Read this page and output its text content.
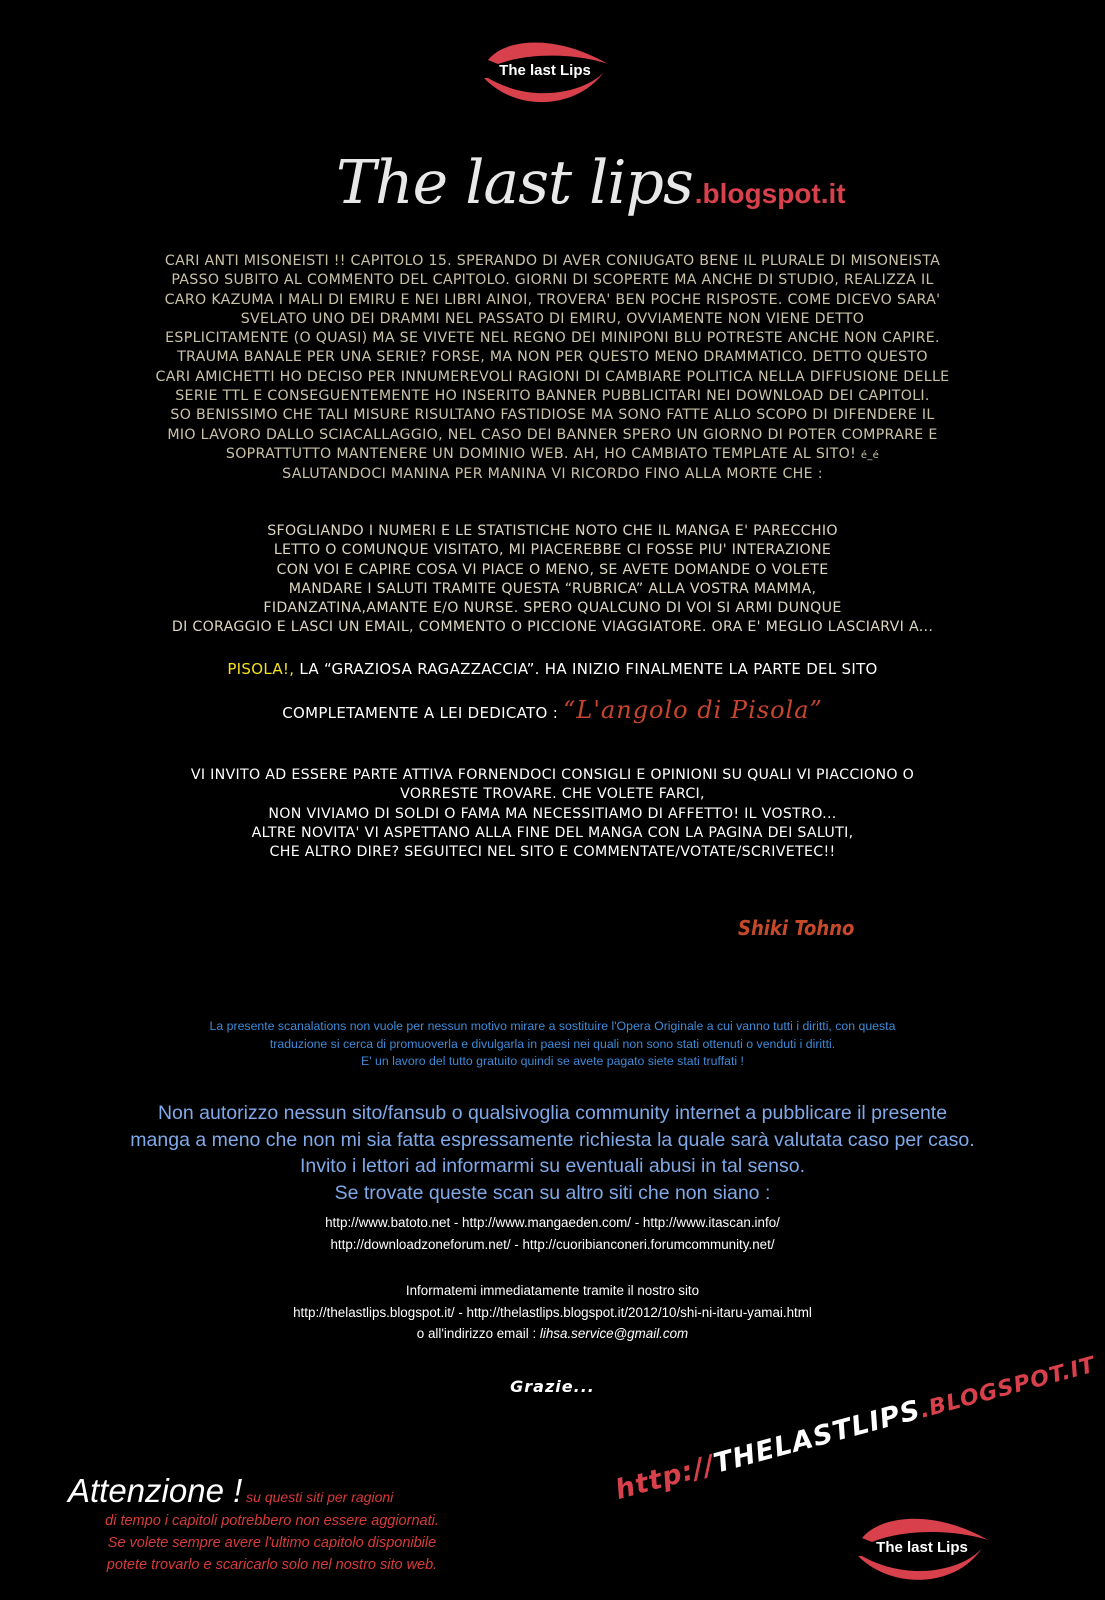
The last Lips
The last lips.blogspot.it
CARI ANTI MISONEISTI !! CAPITOLO 15. SPERANDO DI AVER CONIUGATO BENE IL PLURALE DI MISONEISTA
PASSO SUBITO AL COMMENTO DEL CAPITOLO. GIORNI DI SCOPERTE MA ANCHE DI STUDIO, REALIZZA IL
CARO KAZUMA I MALI DI EMIRU E NEI LIBRI AINOI, TROVERA' BEN POCHE RISPOSTE. COME DICEVO SARA'
SVELATO UNO DEI DRAMMI NEL PASSATO DI EMIRU, OVVIAMENTE NON VIENE DETTO
ESPLICITAMENTE (O QUASI) MA SE VIVETE NEL REGNO DEI MINIPONI BLU POTRESTE ANCHE NON CAPIRE.
TRAUMA BANALE PER UNA SERIE? FORSE, MA NON PER QUESTO MENO DRAMMATICO. DETTO QUESTO
CARI AMICHETTI HO DECISO PER INNUMEREVOLI RAGIONI DI CAMBIARE POLITICA NELLA DIFFUSIONE DELLE
SERIE TTL E CONSEGUENTEMENTE HO INSERITO BANNER PUBBLICITARI NEI DOWNLOAD DEI CAPITOLI.
SO BENISSIMO CHE TALI MISURE RISULTANO FASTIDIOSE MA SONO FATTE ALLO SCOPO DI DIFENDERE IL
MIO LAVORO DALLO SCIACALLAGGIO, NEL CASO DEI BANNER SPERO UN GIORNO DI POTER COMPRARE E
SOPRATTUTTO MANTENERE UN DOMINIO WEB. AH, HO CAMBIATO TEMPLATE AL SITO! é_é
SALUTANDOCI MANINA PER MANINA VI RICORDO FINO ALLA MORTE CHE :
SFOGLIANDO I NUMERI E LE STATISTICHE NOTO CHE IL MANGA E' PARECCHIO
LETTO O COMUNQUE VISITATO, MI PIACEREBBE CI FOSSE PIU' INTERAZIONE
CON VOI E CAPIRE COSA VI PIACE O MENO, SE AVETE DOMANDE O VOLETE
MANDARE I SALUTI TRAMITE QUESTA “RUBRICA” ALLA VOSTRA MAMMA,
FIDANZATINA,AMANTE E/O NURSE. SPERO QUALCUNO DI VOI SI ARMI DUNQUE
DI CORAGGIO E LASCI UN EMAIL, COMMENTO O PICCIONE VIAGGIATORE. ORA E' MEGLIO LASCIARVI A...
PISOLA!, LA “GRAZIOSA RAGAZZACCIA”. HA INIZIO FINALMENTE LA PARTE DEL SITO
COMPLETAMENTE A LEI DEDICATO : “L'angolo di Pisola”
VI INVITO AD ESSERE PARTE ATTIVA FORNENDOCI CONSIGLI E OPINIONI SU QUALI VI PIACCIONO O
VORRESTE TROVARE. CHE VOLETE FARCI,
NON VIVIAMO DI SOLDI O FAMA MA NECESSITIAMO DI AFFETTO! IL VOSTRO...
ALTRE NOVITA' VI ASPETTANO ALLA FINE DEL MANGA CON LA PAGINA DEI SALUTI,
CHE ALTRO DIRE? SEGUITECI NEL SITO E COMMENTATE/VOTATE/SCRIVETEC!!
Shiki Tohno
La presente scanalations non vuole per nessun motivo mirare a sostituire l'Opera Originale a cui vanno tutti i diritti, con questa
traduzione si cerca di promuoverla e divulgarla in paesi nei quali non sono stati ottenuti o venduti i diritti.
E' un lavoro del tutto gratuito quindi se avete pagato siete stati truffati !
Non autorizzo nessun sito/fansub o qualsivoglia community internet a pubblicare il presente
manga a meno che non mi sia fatta espressamente richiesta la quale sarà valutata caso per caso.
Invito i lettori ad informarmi su eventuali abusi in tal senso.
Se trovate queste scan su altro siti che non siano :
http://www.batoto.net - http://www.mangaeden.com/ - http://www.itascan.info/
http://downloadzoneforum.net/ - http://cuoribianconeri.forumcommunity.net/
Informatemi immediatamente tramite il nostro sito
http://thelastlips.blogspot.it/ - http://thelastlips.blogspot.it/2012/10/shi-ni-itaru-yamai.html
o all'indirizzo email : lihsa.service@gmail.com
Grazie...
Attenzione ! su questi siti per ragioni
di tempo i capitoli potrebbero non essere aggiornati.
Se volete sempre avere l'ultimo capitolo disponibile
potete trovarlo e scaricarlo solo nel nostro sito web.
http://THELASTLIPS.BLOGSPOT.IT
The last Lips
